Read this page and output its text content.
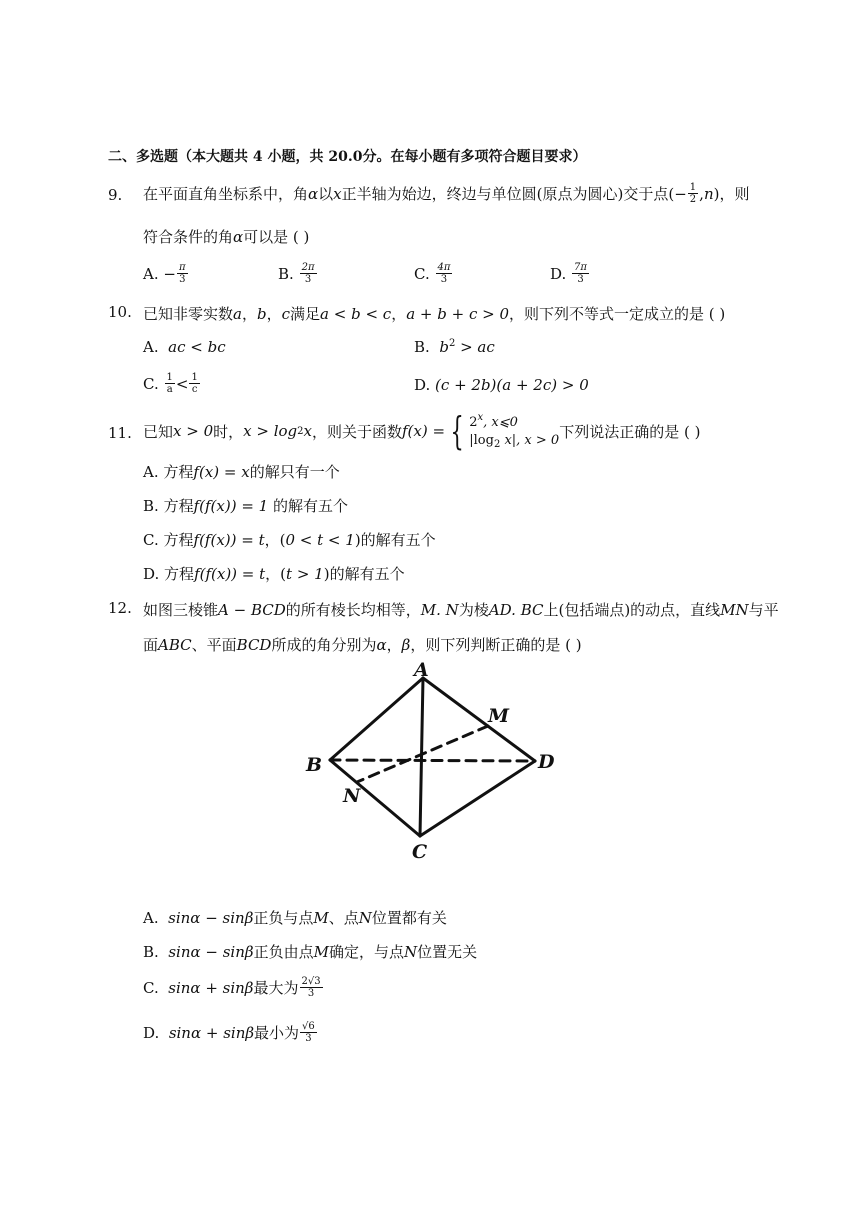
二、多选题（本大题共 4 小题，共 20.0分。在每小题有多项符合题目要求）
9. 在平面直角坐标系中，角 α 以 x 正半轴为始边，终边与单位圆(原点为圆心)交于点( − $\frac{1}{2}$ , n )，则
符合条件的角α可以是 ( )
A.
− $\frac{\pi}{3}$	B.
$\frac{2\pi}{3}$	C.
$\frac{4\pi}{3}$	D.
$\frac{7\pi}{3}$
10. 已知非零实数a，b，c满足a < b < c，a + b + c > 0，则下列不等式一定成立的是 ( )
A. ac < bc	B. $b^2$ > ac
C.
$\frac{1}{a} < \frac{1}{c}$	D. (c + 2b)(a + 2c) > 0
11. 已知 x > 0 时， x > log 2 x ，则关于函数 f(x) = { 2$^x$, x⩽0
$|\log_2$ x|, x > 0 下列说法正确的是 ( )
A. 方程f(x) = x的解只有一个
B. 方程f(f(x)) = 1 的解有五个
C. 方程f(f(x)) = t，(0 < t < 1)的解有五个
D. 方程f(f(x)) = t，(t > 1)的解有五个
12. 如图三棱锥A − BCD的所有棱长均相等，M. N为棱AD. BC上(包括端点)的动点，直线MN与平
面ABC、平面BCD所成的角分别为α，β，则下列判断正确的是 ( )
A
B
C
D
M
N
A. sinα − sinβ正负与点M、点N位置都有关
B. sinα − sinβ正负由点M确定，与点N位置无关
C.
sinα + sinβ 最大为 $\frac{2√3}{3}$
D.
sinα + sinβ 最小为 $\frac{√6}{3}$
